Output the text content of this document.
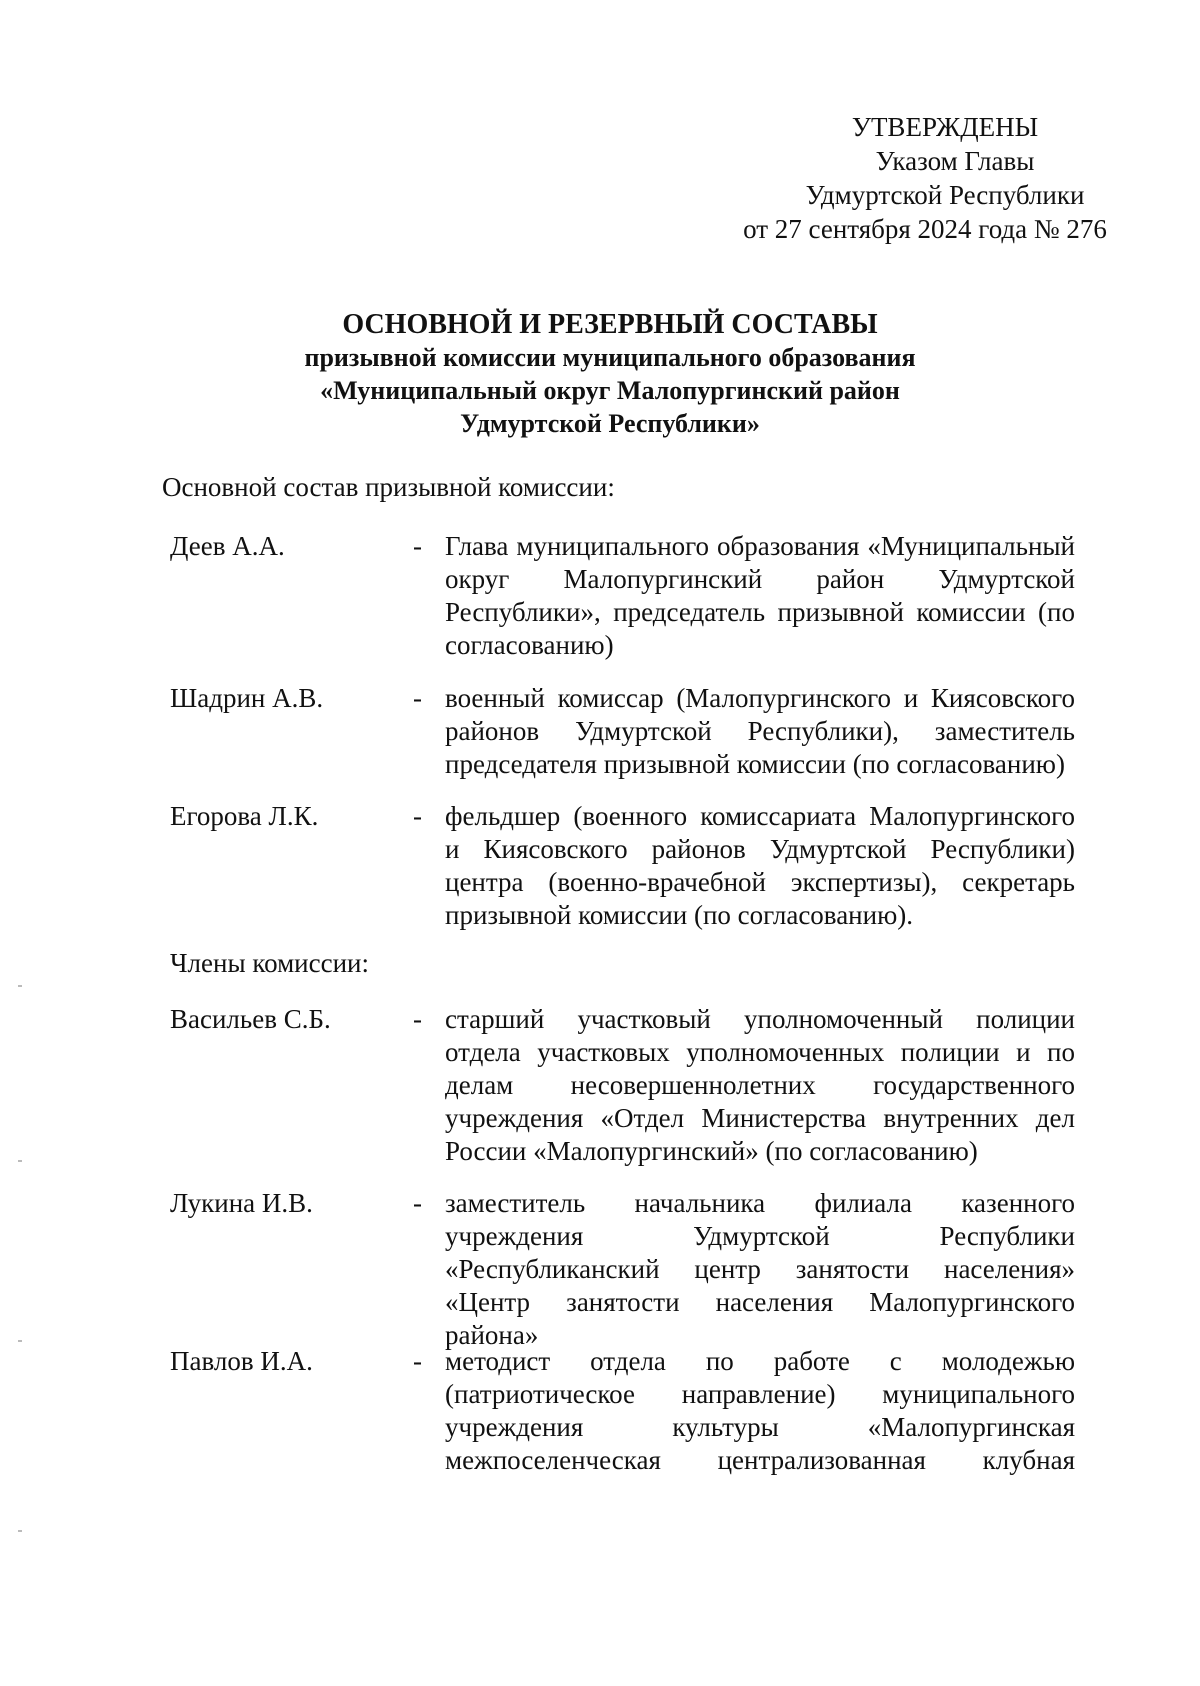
УТВЕРЖДЕНЫ
Указом Главы
Удмуртской Республики
от 27 сентября 2024 года № 276
ОСНОВНОЙ И РЕЗЕРВНЫЙ СОСТАВЫ
призывной комиссии муниципального образования
«Муниципальный округ Малопургинский район
Удмуртской Республики»
Основной состав призывной комиссии:
Деев А.А.	- Глава муниципального образования «Муниципальный округ Малопургинский район Удмуртской Республики», председатель призывной комиссии (по согласованию)
Шадрин А.В.	- военный комиссар (Малопургинского и Киясовского районов Удмуртской Республики), заместитель председателя призывной комиссии (по согласованию)
Егорова Л.К.	- фельдшер (военного комиссариата Малопургинского и Киясовского районов Удмуртской Республики) центра (военно-врачебной экспертизы), секретарь призывной комиссии (по согласованию).
Члены комиссии:
Васильев С.Б.	- старший участковый уполномоченный полиции отдела участковых уполномоченных полиции и по делам несовершеннолетних государственного учреждения «Отдел Министерства внутренних дел России «Малопургинский» (по согласованию)
Лукина И.В.	- заместитель начальника филиала казенного учреждения Удмуртской Республики «Республиканский центр занятости населения» «Центр занятости населения Малопургинского района»
Павлов И.А.	- методист отдела по работе с молодежью (патриотическое направление) муниципального учреждения культуры «Малопургинская межпоселенческая централизованная клубная
